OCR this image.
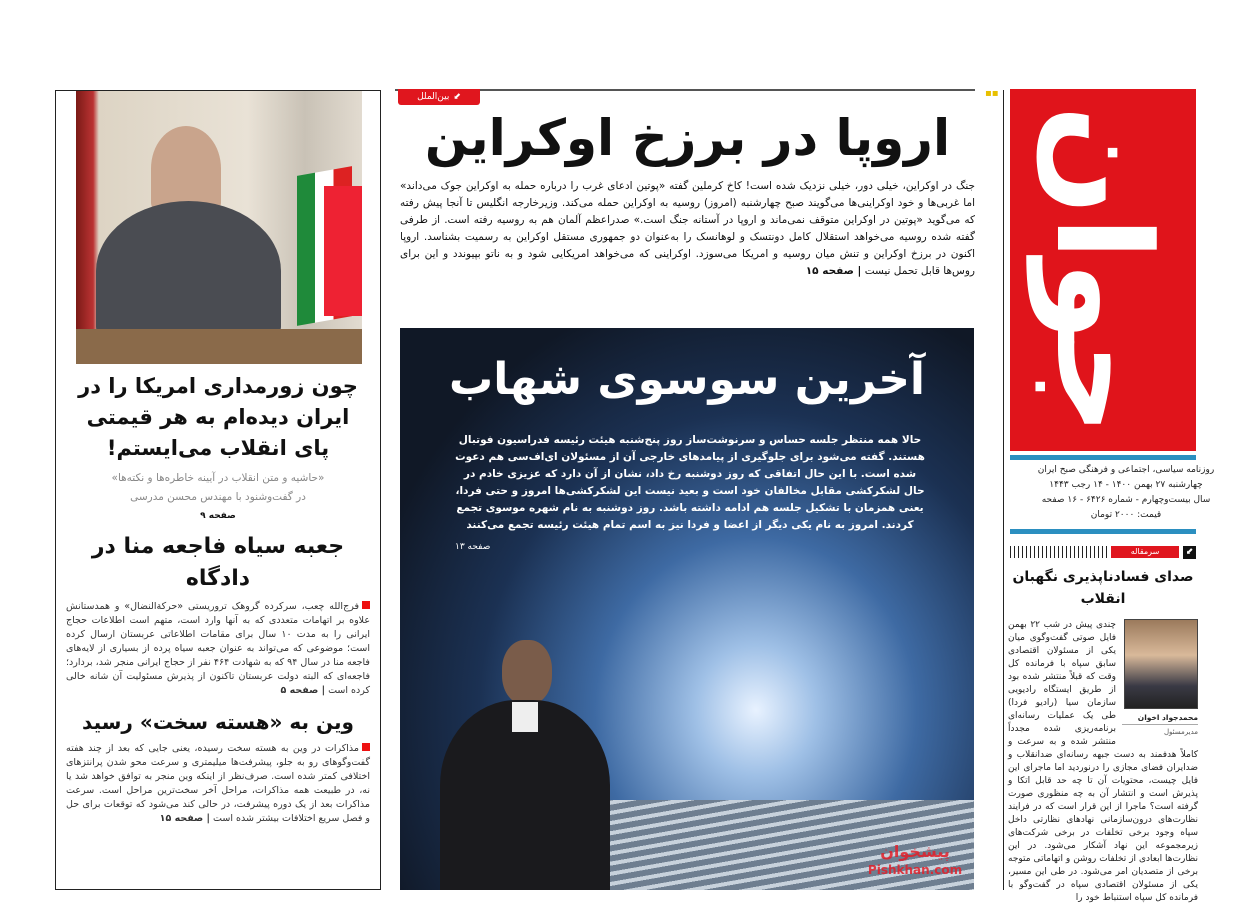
چون زورمداری امریکا را در ایران دیده‌ام به هر قیمتی پای انقلاب می‌ایستم!
«حاشیه و متن انقلاب در آیینه خاطره‌ها و نکته‌ها»
در گفت‌وشنود با مهندس محسن مدرسی
صفحه ۹
جعبه سیاه فاجعه منا در دادگاه
فرج‌الله چعب، سرکرده گروهک تروریستی «حرکة‌النضال» و همدستانش علاوه بر اتهامات متعددی که به آنها وارد است، متهم است اطلاعات حجاج ایرانی را به مدت ۱۰ سال برای مقامات اطلاعاتی عربستان ارسال کرده است؛ موضوعی که می‌تواند به عنوان جعبه سیاه پرده از بسیاری از لایه‌های فاجعه منا در سال ۹۴ که به شهادت ۴۶۴ نفر از حجاج ایرانی منجر شد، بردارد؛ فاجعه‌ای که البته دولت عربستان تاکنون از پذیرش مسئولیت آن شانه خالی کرده است | صفحه ۵
وین به «هسته سخت» رسید
مذاکرات در وین به هسته سخت رسیده، یعنی جایی که بعد از چند هفته گفت‌وگوهای رو به جلو، پیشرفت‌ها میلیمتری و سرعت محو شدن پرانتزهای اختلافی کمتر شده است. صرف‌نظر از اینکه وین منجر به توافق خواهد شد یا نه، در طبیعت همه مذاکرات، مراحل آخر سخت‌ترین مراحل است. سرعت مذاکرات بعد از یک دوره پیشرفت، در حالی کند می‌شود که توقعات برای حل و فصل سریع اختلافات بیشتر شده است | صفحه ۱۵
⬋
بین‌الملل
اروپا در برزخ اوکراین
جنگ در اوکراین، خیلی دور، خیلی نزدیک شده است! کاخ کرملین گفته «پوتین ادعای غرب را درباره حمله به اوکراین جوک می‌داند» اما غربی‌ها و خود اوکراینی‌ها می‌گویند صبح چهارشنبه (امروز) روسیه به اوکراین حمله می‌کند. وزیرخارجه انگلیس تا آنجا پیش رفته که می‌گوید «پوتین در اوکراین متوقف نمی‌ماند و اروپا در آستانه جنگ است.» صدراعظم آلمان هم به روسیه رفته است. از طرفی گفته شده روسیه می‌خواهد استقلال کامل دونتسک و لوهانسک را به‌عنوان دو جمهوری مستقل اوکراین به رسمیت بشناسد. اروپا اکنون در برزخ اوکراین و تنش میان روسیه و امریکا می‌سوزد. اوکراینی که می‌خواهد امریکایی شود و به ناتو بپیوندد و این برای روس‌ها قابل تحمل نیست | صفحه ۱۵
آخرین سوسوی شهاب
حالا همه منتظر جلسه حساس و سرنوشت‌ساز روز پنج‌شنبه هیئت رئیسه فدراسیون فوتبال هستند. گفته می‌شود برای جلوگیری از پیامدهای خارجی آن از مسئولان ای‌اف‌سی هم دعوت شده است. با این حال اتفاقی که روز دوشنبه رخ داد، نشان از آن دارد که عزیزی خادم در حال لشکرکشی مقابل مخالفان خود است و بعید نیست این لشکرکشی‌ها امروز و حتی فردا، یعنی همزمان با تشکیل جلسه هم ادامه داشته باشد. روز دوشنبه به نام شهره موسوی تجمع کردند. امروز به نام یکی دیگر از اعضا و فردا نیز به اسم تمام هیئت رئیسه تجمع می‌کنند
صفحه ۱۳
پیشخوان
Pishkhan.com
▪▪
جوان
روزنامه سیاسی، اجتماعی و فرهنگی صبح ایران
چهارشنبه ۲۷ بهمن ۱۴۰۰ - ۱۴ رجب ۱۴۴۳
سال بیست‌وچهارم - شماره ۶۴۲۶ - ۱۶ صفحه
قیمت: ۲۰۰۰ تومان
⬋
سرمقاله
صدای فسادناپذیری نگهبان انقلاب
محمدجواد اخوان
مدیرمسئول
چندی پیش در شب ۲۲ بهمن فایل صوتی گفت‌وگوی میان یکی از مسئولان اقتصادی سابق سپاه با فرمانده کل وقت که قبلاً منتشر شده بود از طریق ایستگاه رادیویی سازمان سیا (رادیو فردا) طی یک عملیات رسانه‌ای برنامه‌ریزی شده مجدداً منتشر شده و به سرعت و کاملاً هدفمند به دست جبهه رسانه‌ای ضدانقلاب و ضدایران فضای مجازی را درنوردید اما ماجرای این فایل چیست، محتویات آن تا چه حد قابل اتکا و پذیرش است و انتشار آن به چه منظوری صورت گرفته است؟ ماجرا از این قرار است که در فرایند نظارت‌های درون‌سازمانی نهادهای نظارتی داخل سپاه وجود برخی تخلفات در برخی شرکت‌های زیرمجموعه این نهاد آشکار می‌شود. در این نظارت‌ها ابعادی از تخلفات روشن و اتهاماتی متوجه برخی از متصدیان امر می‌شود. در طی این مسیر، یکی از مسئولان اقتصادی سپاه در گفت‌وگو با فرمانده کل سپاه استنباط خود را
